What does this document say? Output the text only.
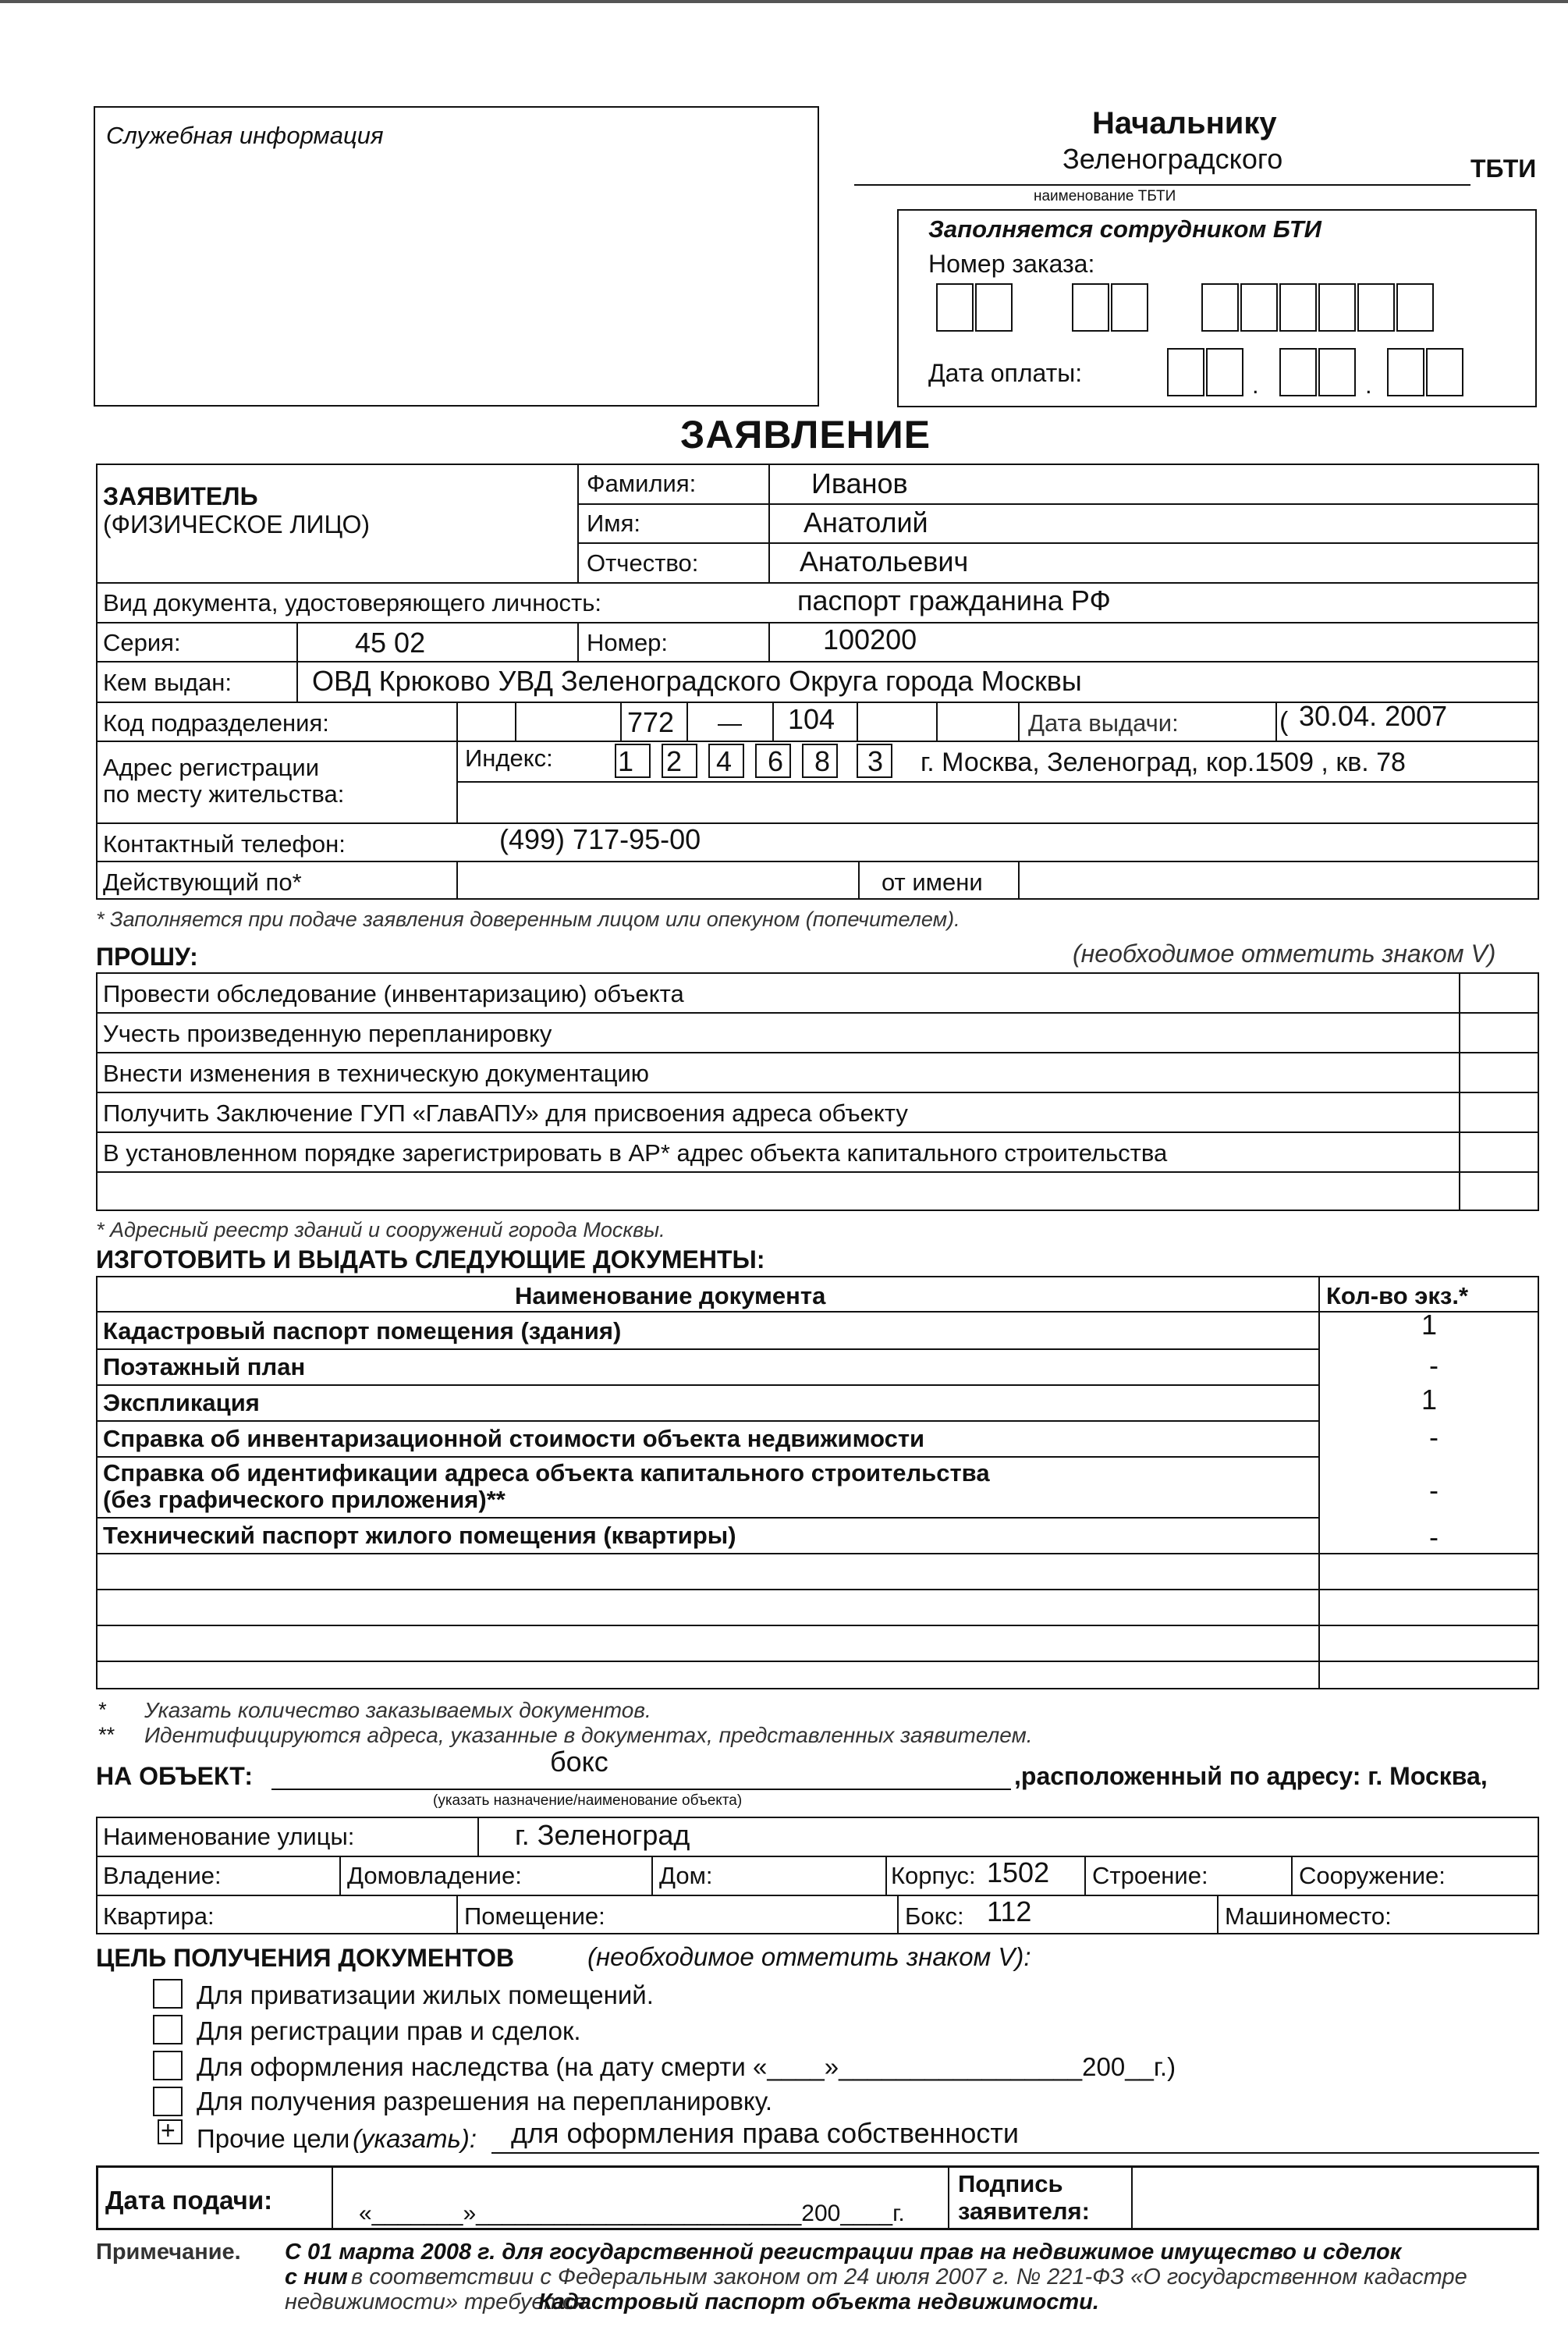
Служебная информация	Начальнику
Зеленоградского	ТБТИ
наименование ТБТИ
Заполняется сотрудником БТИ
Номер заказа:
Дата оплаты:	.	.
ЗАЯВЛЕНИЕ
ЗАЯВИТЕЛЬ
(ФИЗИЧЕСКОЕ ЛИЦО)
Фамилия:	Иванов
Имя:	Анатолий
Отчество:	Анатольевич
Вид документа, удостоверяющего личность:	паспорт гражданина РФ
Серия:	45 02	Номер:	100200
Кем выдан:	ОВД Крюково УВД Зеленоградского Округа города Москвы
Код подразделения:	772 — 104	Дата выдачи:	( 30.04. 2007
Адрес регистрации
по месту жительства:
Индекс: 1 2 4 6 8 3 г. Москва, Зеленоград, кор.1509 , кв. 78
Контактный телефон:	(499) 717-95-00
Действующий по*	от имени
* Заполняется при подаче заявления доверенным лицом или опекуном (попечителем).
ПРОШУ:	(необходимое отметить знаком V)
Провести обследование (инвентаризацию) объекта
Учесть произведенную перепланировку
Внести изменения в техническую документацию
Получить Заключение ГУП «ГлавАПУ» для присвоения адреса объекту
В установленном порядке зарегистрировать в АР* адрес объекта капитального строительства
* Адресный реестр зданий и сооружений города Москвы.
ИЗГОТОВИТЬ И ВЫДАТЬ СЛЕДУЮЩИЕ ДОКУМЕНТЫ:
Наименование документа	Кол-во экз.*
Кадастровый паспорт помещения (здания)	1
Поэтажный план	-
Экспликация	1
Справка об инвентаризационной стоимости объекта недвижимости	-
Справка об идентификации адреса объекта капитального строительства
(без графического приложения)**	-
Технический паспорт жилого помещения (квартиры)	-
* Указать количество заказываемых документов.
** Идентифицируются адреса, указанные в документах, представленных заявителем.
НА ОБЪЕКТ:	бокс	,расположенный по адресу: г. Москва,
(указать назначение/наименование объекта)
Наименование улицы:	г. Зеленоград
Владение:	Домовладение:	Дом:	Корпус: 1502 Строение:	Сооружение:
Квартира:	Помещение:	Бокс: 112	Машиноместо:
ЦЕЛЬ ПОЛУЧЕНИЯ ДОКУМЕНТОВ	(необходимое отметить знаком V):
Для приватизации жилых помещений.
Для регистрации прав и сделок.
Для оформления наследства (на дату смерти «____»_________________200__г.)
Для получения разрешения на перепланировку.
+ Прочие цели (указать): для оформления права собственности
Дата подачи:	«_______»_________________________200____г.
Подпись
заявителя:
Примечание. С 01 марта 2008 г. для государственной регистрации прав на недвижимое имущество и сделок
с ним в соответствии с Федеральным законом от 24 июля 2007 г. № 221-ФЗ «О государственном кадастре
недвижимости» требуется
Кадастровый паспорт объекта недвижимости.
